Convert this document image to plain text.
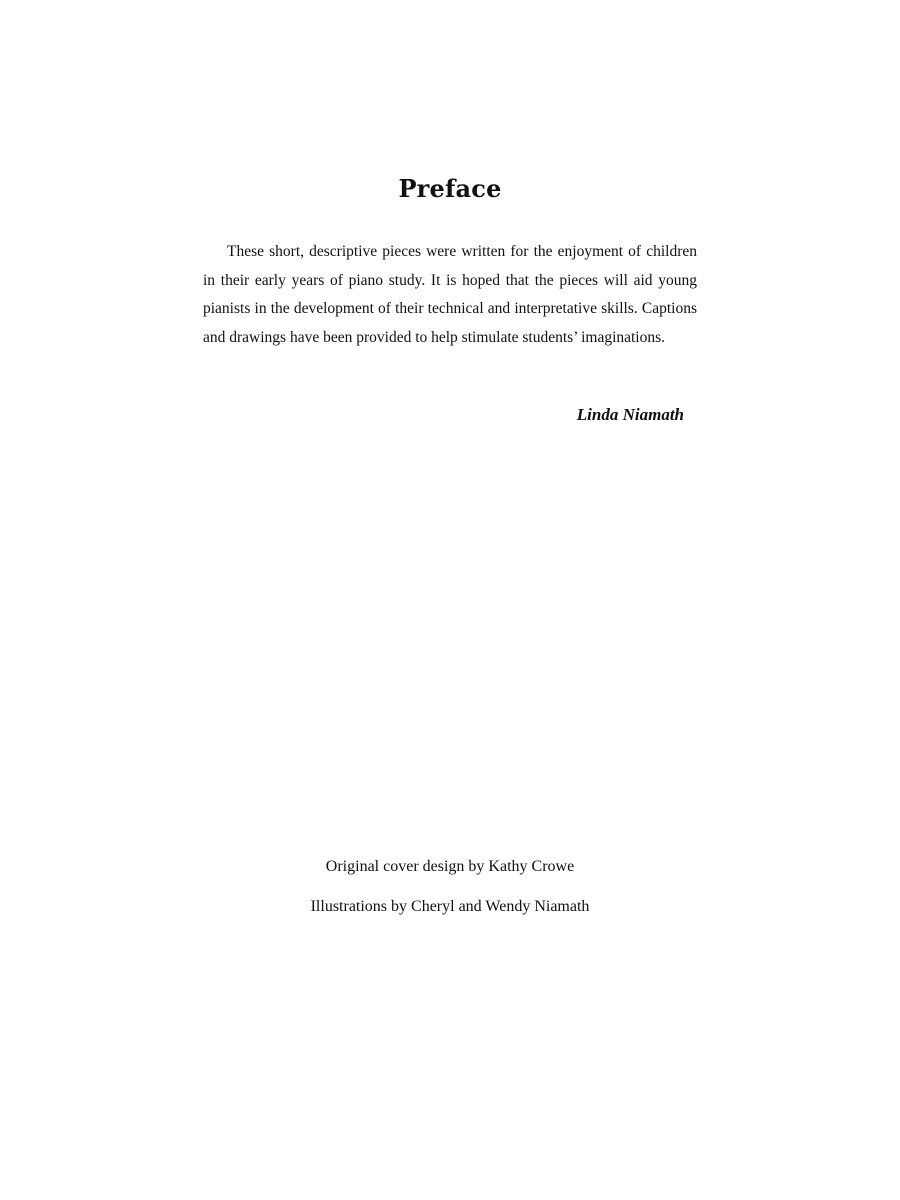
Preface

These short, descriptive pieces were written for the enjoyment of children in their early years of piano study. It is hoped that the pieces will aid young pianists in the development of their technical and interpretative skills. Captions and drawings have been provided to help stimulate students’ imaginations.

Linda Niamath

Original cover design by Kathy Crowe

Illustrations by Cheryl and Wendy Niamath
